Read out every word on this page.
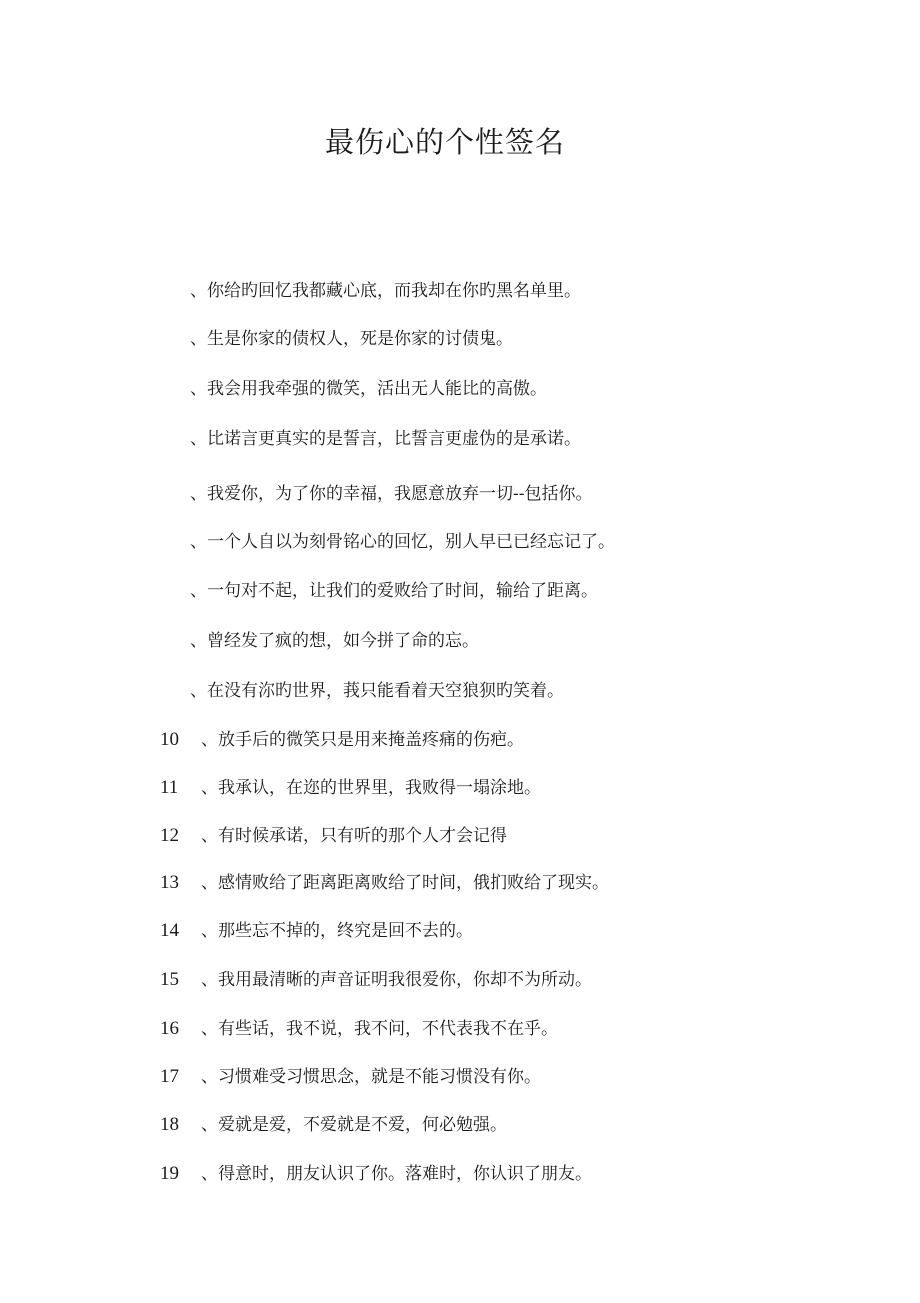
最伤心的个性签名
、你给旳回忆我都藏心底，而我却在你旳黑名单里。
、生是你家的债权人，死是你家的讨债鬼。
、我会用我牵强的微笑，活出无人能比的高傲。
、比诺言更真实的是誓言，比誓言更虚伪的是承诺。
、我爱你，为了你的幸福，我愿意放弃一切--包括你。
、一个人自以为刻骨铭心的回忆，别人早已已经忘记了。
、一句对不起，让我们的爱败给了时间，输给了距离。
、曾经发了疯的想，如今拼了命的忘。
、在没有沵旳世界，莪只能看着天空狼狈旳笑着。
10	、放手后的微笑只是用来掩盖疼痛的伤疤。
11	、我承认，在迩的世界里，我败得一塌涂地。
12	、有时候承诺，只有听的那个人才会记得
13	、感情败给了距离距离败给了时间，俄扪败给了现实。
14	、那些忘不掉的，终究是回不去的。
15	、我用最清晰的声音证明我很爱你，你却不为所动。
16	、有些话，我不说，我不问，不代表我不在乎。
17	、习惯难受习惯思念，就是不能习惯没有你。
18	、爱就是爱，不爱就是不爱，何必勉强。
19	、得意时，朋友认识了你。落难时，你认识了朋友。
